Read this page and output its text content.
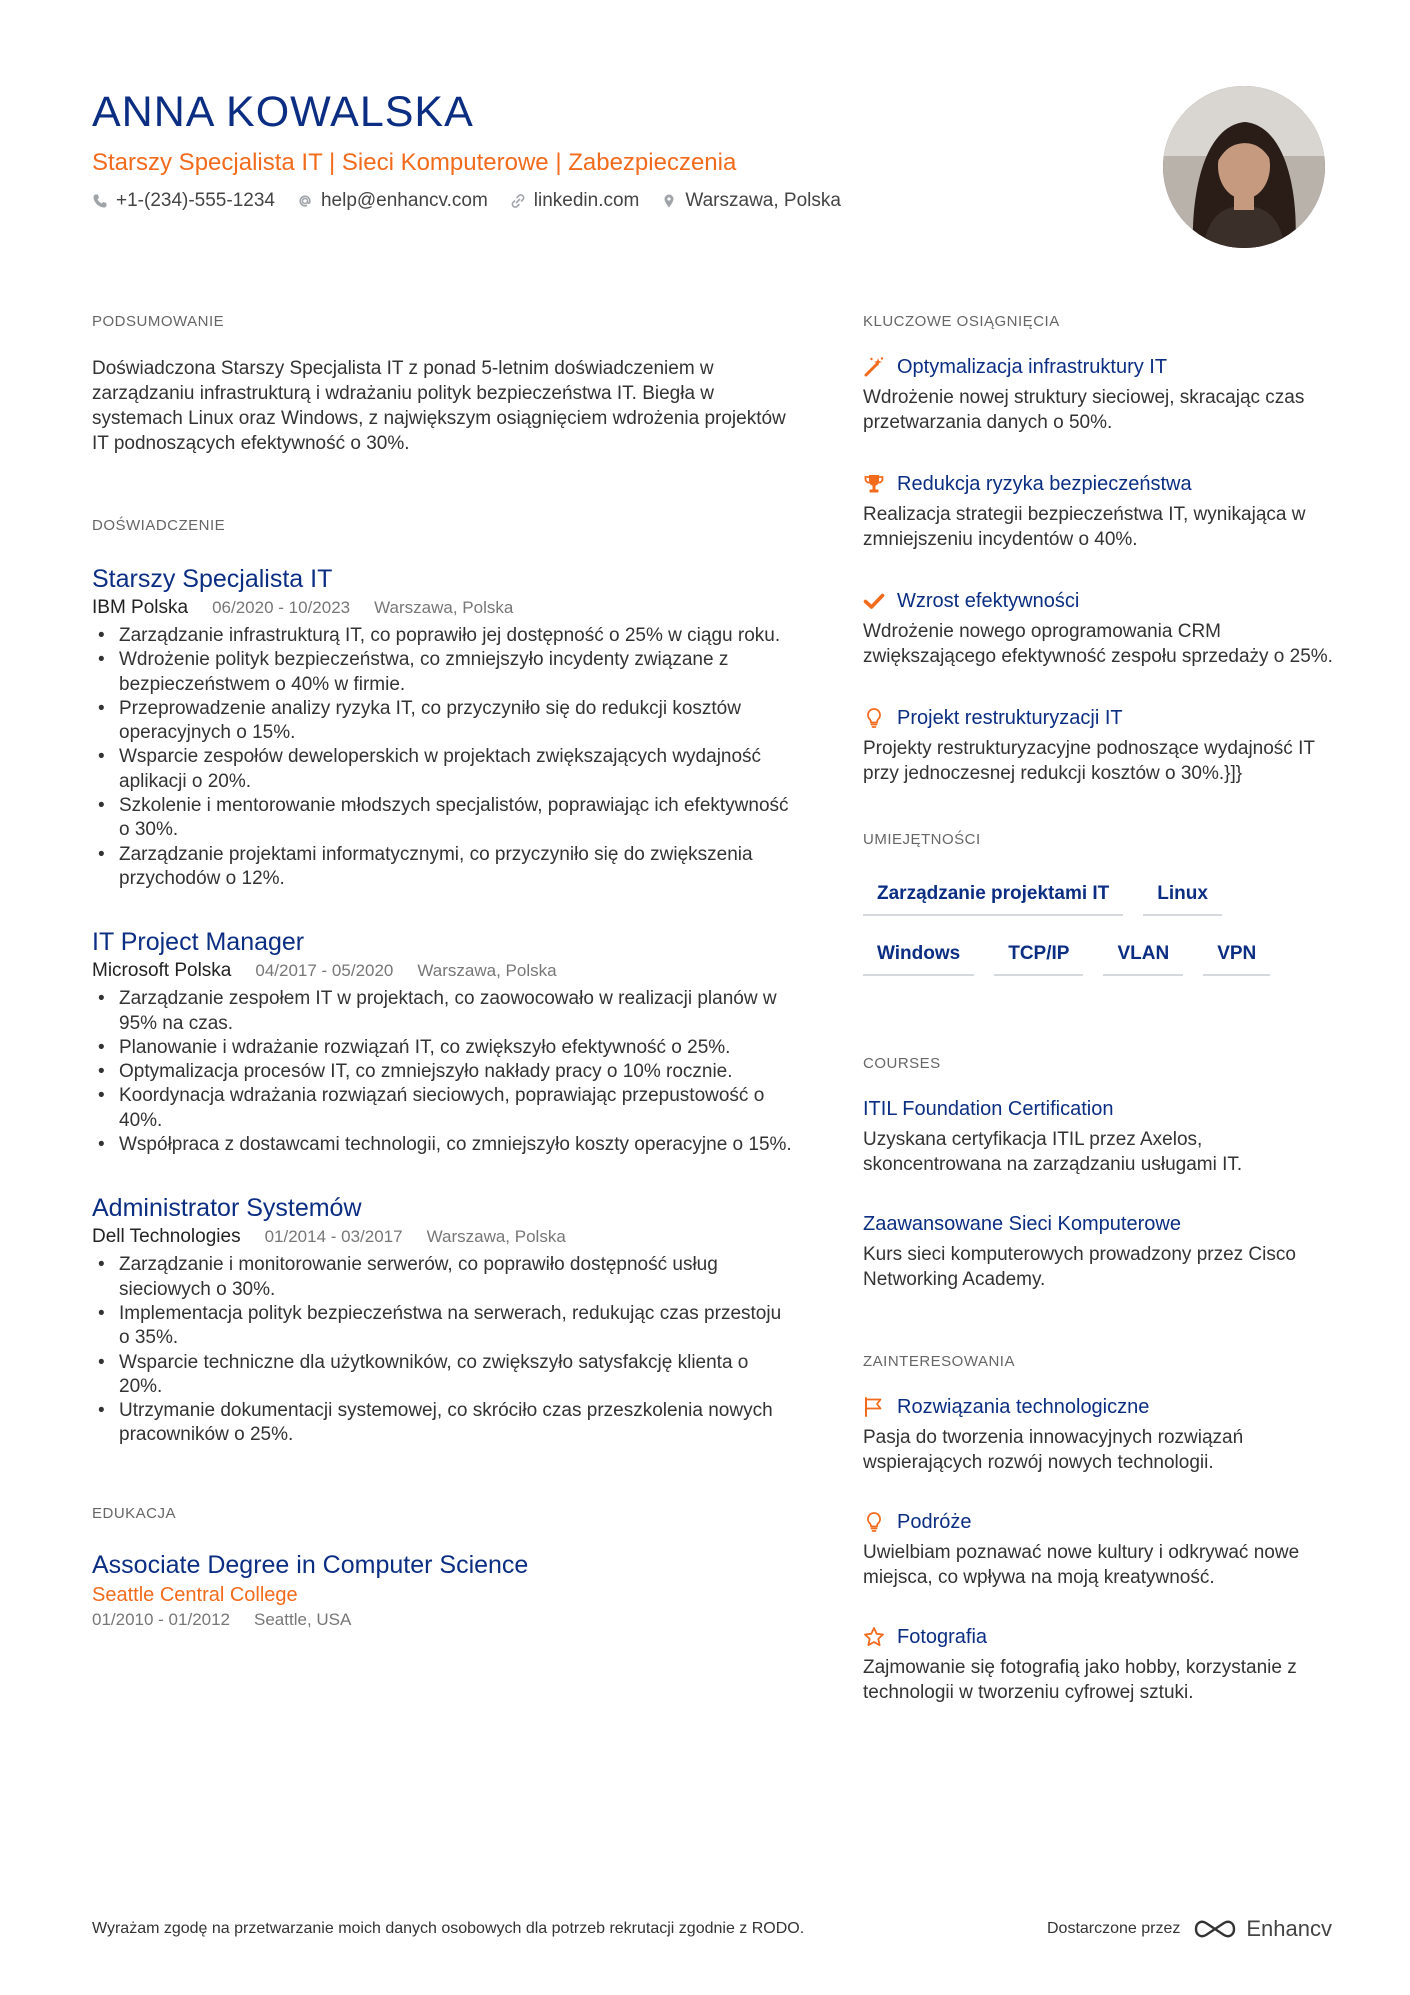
ANNA KOWALSKA
Starszy Specjalista IT | Sieci Komputerowe | Zabezpieczenia
+1-(234)-555-1234 help@enhancv.com linkedin.com Warszawa, Polska
PODSUMOWANIE

Doświadczona Starszy Specjalista IT z ponad 5-letnim doświadczeniem w zarządzaniu infrastrukturą i wdrażaniu polityk bezpieczeństwa IT. Biegła w systemach Linux oraz Windows, z największym osiągnięciem wdrożenia projektów IT podnoszących efektywność o 30%.

DOŚWIADCZENIE
Starszy Specjalista IT
IBM Polska 06/2020 - 10/2023 Warszawa, Polska
• Zarządzanie infrastrukturą IT, co poprawiło jej dostępność o 25% w ciągu roku.
• Wdrożenie polityk bezpieczeństwa, co zmniejszyło incydenty związane z bezpieczeństwem o 40% w firmie.
• Przeprowadzenie analizy ryzyka IT, co przyczyniło się do redukcji kosztów operacyjnych o 15%.
• Wsparcie zespołów deweloperskich w projektach zwiększających wydajność aplikacji o 20%.
• Szkolenie i mentorowanie młodszych specjalistów, poprawiając ich efektywność o 30%.
• Zarządzanie projektami informatycznymi, co przyczyniło się do zwiększenia przychodów o 12%.
IT Project Manager
Microsoft Polska 04/2017 - 05/2020 Warszawa, Polska
• Zarządzanie zespołem IT w projektach, co zaowocowało w realizacji planów w 95% na czas.
• Planowanie i wdrażanie rozwiązań IT, co zwiększyło efektywność o 25%.
• Optymalizacja procesów IT, co zmniejszyło nakłady pracy o 10% rocznie.
• Koordynacja wdrażania rozwiązań sieciowych, poprawiając przepustowość o 40%.
• Współpraca z dostawcami technologii, co zmniejszyło koszty operacyjne o 15%.
Administrator Systemów
Dell Technologies 01/2014 - 03/2017 Warszawa, Polska
• Zarządzanie i monitorowanie serwerów, co poprawiło dostępność usług sieciowych o 30%.
• Implementacja polityk bezpieczeństwa na serwerach, redukując czas przestoju o 35%.
• Wsparcie techniczne dla użytkowników, co zwiększyło satysfakcję klienta o 20%.
• Utrzymanie dokumentacji systemowej, co skróciło czas przeszkolenia nowych pracowników o 25%.
EDUKACJA
Associate Degree in Computer Science
Seattle Central College
01/2010 - 01/2012 Seattle, USA
KLUCZOWE OSIĄGNIĘCIA
Optymalizacja infrastruktury IT

Wdrożenie nowej struktury sieciowej, skracając czas przetwarzania danych o 50%.

Redukcja ryzyka bezpieczeństwa

Realizacja strategii bezpieczeństwa IT, wynikająca w zmniejszeniu incydentów o 40%.

Wzrost efektywności

Wdrożenie nowego oprogramowania CRM zwiększającego efektywność zespołu sprzedaży o 25%.

Projekt restrukturyzacji IT

Projekty restrukturyzacyjne podnoszące wydajność IT przy jednoczesnej redukcji kosztów o 30%.}]}

UMIEJĘTNOŚCI
Zarządzanie projektami IT	Linux
Windows	TCP/IP	VLAN	VPN
COURSES
ITIL Foundation Certification

Uzyskana certyfikacja ITIL przez Axelos, skoncentrowana na zarządzaniu usługami IT.

Zaawansowane Sieci Komputerowe

Kurs sieci komputerowych prowadzony przez Cisco Networking Academy.

ZAINTERESOWANIA
Rozwiązania technologiczne

Pasja do tworzenia innowacyjnych rozwiązań wspierających rozwój nowych technologii.

Podróże

Uwielbiam poznawać nowe kultury i odkrywać nowe miejsca, co wpływa na moją kreatywność.

Fotografia

Zajmowanie się fotografią jako hobby, korzystanie z technologii w tworzeniu cyfrowej sztuki.

Wyrażam zgodę na przetwarzanie moich danych osobowych dla potrzeb rekrutacji zgodnie z RODO.	Dostarczone przez	Enhancv
